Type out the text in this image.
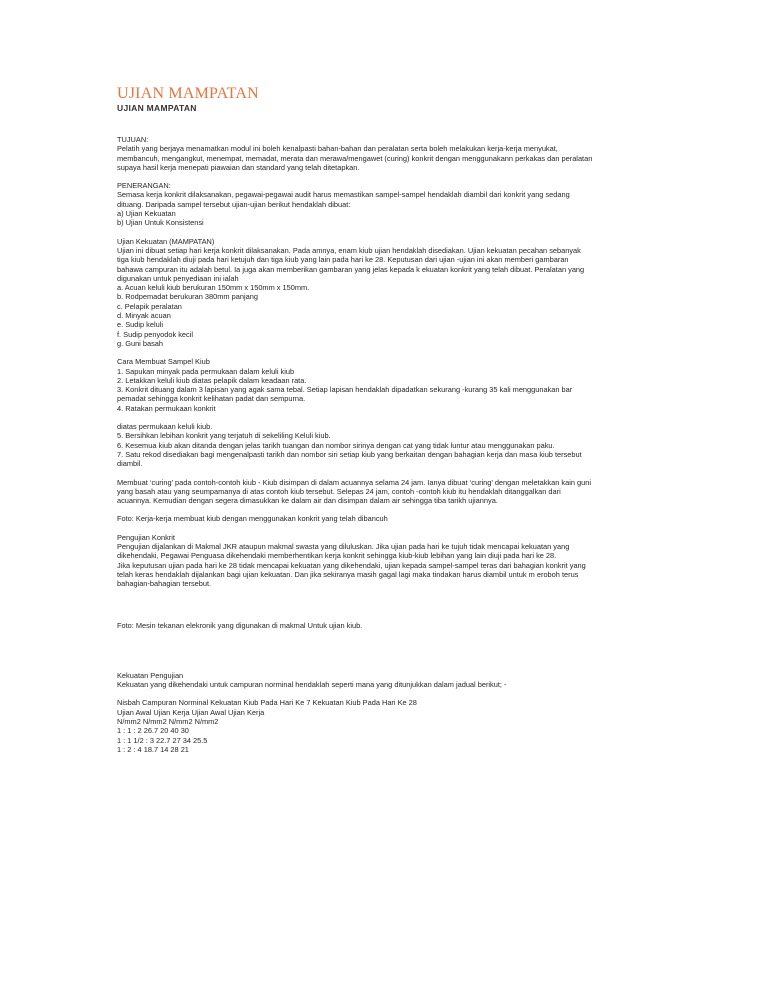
UJIAN MAMPATAN
UJIAN MAMPATAN
TUJUAN:
Pelatih yang berjaya menamatkan modul ini boleh kenalpasti bahan-bahan dan peralatan serta boleh melakukan kerja-kerja menyukat,
membancuh, mengangkut, menempat, memadat, merata dan merawa/mengawet (curing) konkrit dengan menggunakann perkakas dan peralatan
supaya hasil kerja menepati piawaian dan standard yang telah ditetapkan.
PENERANGAN:
Semasa kerja konkrit dilaksanakan, pegawai-pegawai audit harus memastikan sampel-sampel hendaklah diambil dari konkrit yang sedang
dituang. Daripada sampel tersebut ujian-ujian berikut hendaklah dibuat:
a) Ujian Kekuatan
b) Ujian Untuk Konsistensi
Ujian Kekuatan (MAMPATAN)
Ujian ini dibuat setiap hari kerja konkrit dilaksanakan. Pada amnya, enam kiub ujian hendaklah disediakan. Ujian kekuatan pecahan sebanyak
tiga kiub hendaklah diuji pada hari ketujuh dan tiga kiub yang lain pada hari ke 28. Keputusan dari ujian -ujian ini akan memberi gambaran
bahawa campuran itu adalah betul. Ia juga akan memberikan gambaran yang jelas kepada k ekuatan konkrit yang telah dibuat. Peralatan yang
digunakan untuk penyediaan ini ialah
a. Acuan keluli kiub berukuran 150mm x 150mm x 150mm.
b. Rodpemadat berukuran 380mm panjang
c. Pelapik peralatan
d. Minyak acuan
e. Sudip keluli
f. Sudip penyodok kecil
g. Guni basah
Cara Membuat Sampel Kiub
1. Sapukan minyak pada permukaan dalam keluli kiub
2. Letakkan keluli kiub diatas pelapik dalam keadaan rata.
3. Konkrit dituang dalam 3 lapisan yang agak sama tebal. Setiap lapisan hendaklah dipadatkan sekurang -kurang 35 kali menggunakan bar
pemadat sehingga konkrit kelihatan padat dan sempurna.
4. Ratakan permukaan konkrit
diatas permukaan keluli kiub.
5. Bersihkan lebihan konkrit yang terjatuh di sekeliling Keluli kiub.
6. Kesemua kiub akan ditanda dengan jelas tarikh tuangan dan nombor sirinya dengan cat yang tidak luntur atau menggunakan paku.
7. Satu rekod disediakan bagi mengenalpasti tarikh dan nombor siri setiap kiub yang berkaitan dengan bahagian kerja dan masa kiub tersebut
diambil.
Membuat ‘curing’ pada contoh-contoh kiub - Kiub disimpan di dalam acuannya selama 24 jam. Ianya dibuat ‘curing’ dengan meletakkan kain guni
yang basah atau yang seumpamanya di atas contoh kiub tersebut. Selepas 24 jam, contoh -contoh kiub itu hendaklah ditanggalkan dari
acuannya. Kemudian dengan segera dimasukkan ke dalam air dan disimpan dalam air sehingga tiba tarikh ujiannya.
Foto: Kerja-kerja membuat kiub dengan menggunakan konkrit yang telah dibancuh
Pengujian Konkrit
Pengujian dijalankan di Makmal JKR ataupun makmal swasta yang diluluskan. Jika ujian pada hari ke tujuh tidak mencapai kekuatan yang
dikehendaki, Pegawai Penguasa dikehendaki memberhentikan kerja konkrit sehingga kiub-kiub lebihan yang lain diuji pada hari ke 28.
Jika keputusan ujian pada hari ke 28 tidak mencapai kekuatan yang dikehendaki, ujian kepada sampel-sampel teras dari bahagian konkrit yang
telah keras hendaklah dijalankan bagi ujian kekuatan. Dan jika sekiranya masih gagal lagi maka tindakan harus diambil untuk m eroboh terus
bahagian-bahagian tersebut.
Foto: Mesin tekanan elekronik yang digunakan di makmal Untuk ujian kiub.
Kekuatan Pengujian
Kekuatan yang dikehendaki untuk campuran norminal hendaklah seperti mana yang ditunjukkan dalam jadual berikut; -
Nisbah Campuran Norminal Kekuatan Kiub Pada Hari Ke 7 Kekuatan Kiub Pada Hari Ke 28
Ujian Awal Ujian Kerja Ujian Awal Ujian Kerja
N/mm2 N/mm2 N/mm2 N/mm2
1 : 1 : 2 26.7 20 40 30
1 : 1 1/2 : 3 22.7 27 34 25.5
1 : 2 : 4 18.7 14 28 21
